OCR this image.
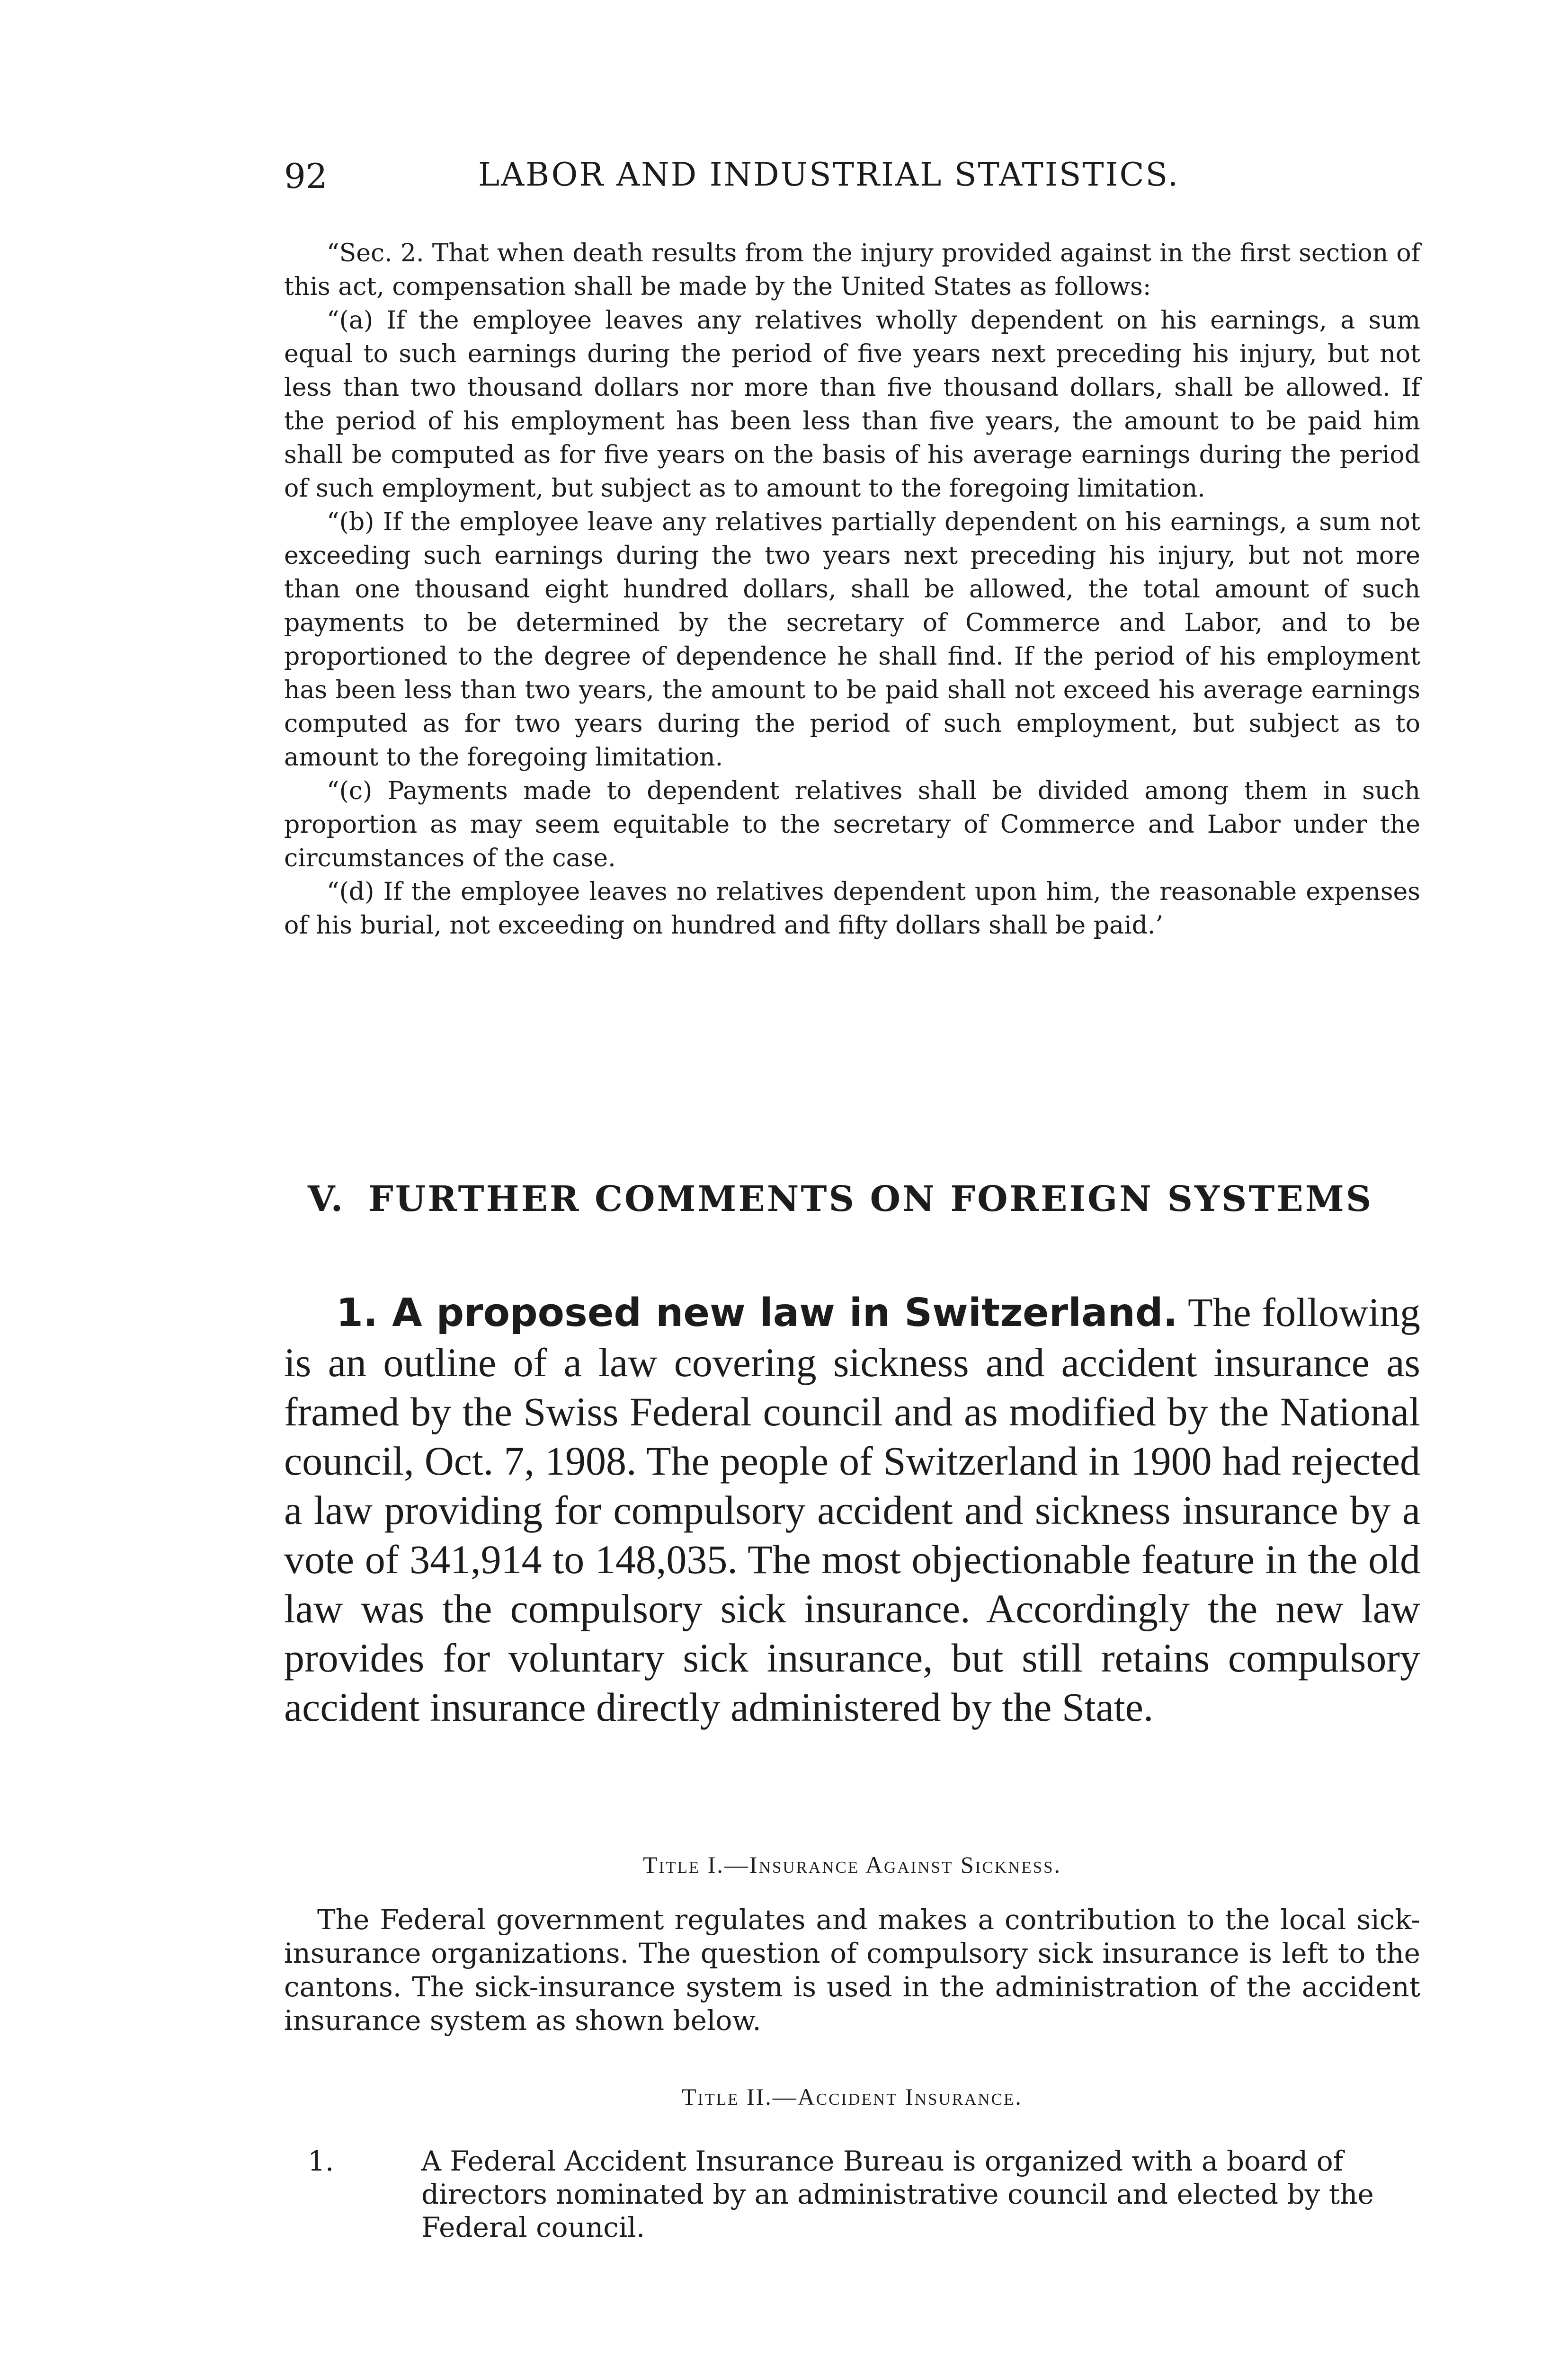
92	LABOR AND INDUSTRIAL STATISTICS.

“Sec. 2. That when death results from the injury provided against in the first section of this act, compensation shall be made by the United States as follows:

“(a) If the employee leaves any relatives wholly dependent on his earnings, a sum equal to such earnings during the period of five years next preceding his injury, but not less than two thousand dollars nor more than five thousand dollars, shall be allowed. If the period of his employment has been less than five years, the amount to be paid him shall be computed as for five years on the basis of his average earnings during the period of such employment, but subject as to amount to the foregoing limitation.

“(b) If the employee leave any relatives partially dependent on his earnings, a sum not exceeding such earnings during the two years next preceding his injury, but not more than one thousand eight hundred dollars, shall be allowed, the total amount of such payments to be determined by the secretary of Commerce and Labor, and to be proportioned to the degree of dependence he shall find. If the period of his employment has been less than two years, the amount to be paid shall not exceed his average earnings computed as for two years during the period of such employment, but subject as to amount to the foregoing limitation.

“(c) Payments made to dependent relatives shall be divided among them in such proportion as may seem equitable to the secretary of Commerce and Labor under the circumstances of the case.

“(d) If the employee leaves no relatives dependent upon him, the reasonable expenses of his burial, not exceeding on hundred and fifty dollars shall be paid.’

V. FURTHER COMMENTS ON FOREIGN SYSTEMS

1. A proposed new law in Switzerland. The following is an outline of a law covering sickness and accident insurance as framed by the Swiss Federal council and as modified by the National council, Oct. 7, 1908. The people of Switzerland in 1900 had rejected a law providing for compulsory accident and sickness insurance by a vote of 341,914 to 148,035. The most objectionable feature in the old law was the compulsory sick insurance. Accordingly the new law provides for voluntary sick insurance, but still retains compulsory accident insurance directly administered by the State.

Title I.—Insurance Against Sickness.

The Federal government regulates and makes a contribution to the local sick-insurance organizations. The question of compulsory sick insurance is left to the cantons. The sick-insurance system is used in the administration of the accident insurance system as shown below.

Title II.—Accident Insurance.
1.	A Federal Accident Insurance Bureau is organized with a board of directors nominated by an administrative council and elected by the Federal council.
